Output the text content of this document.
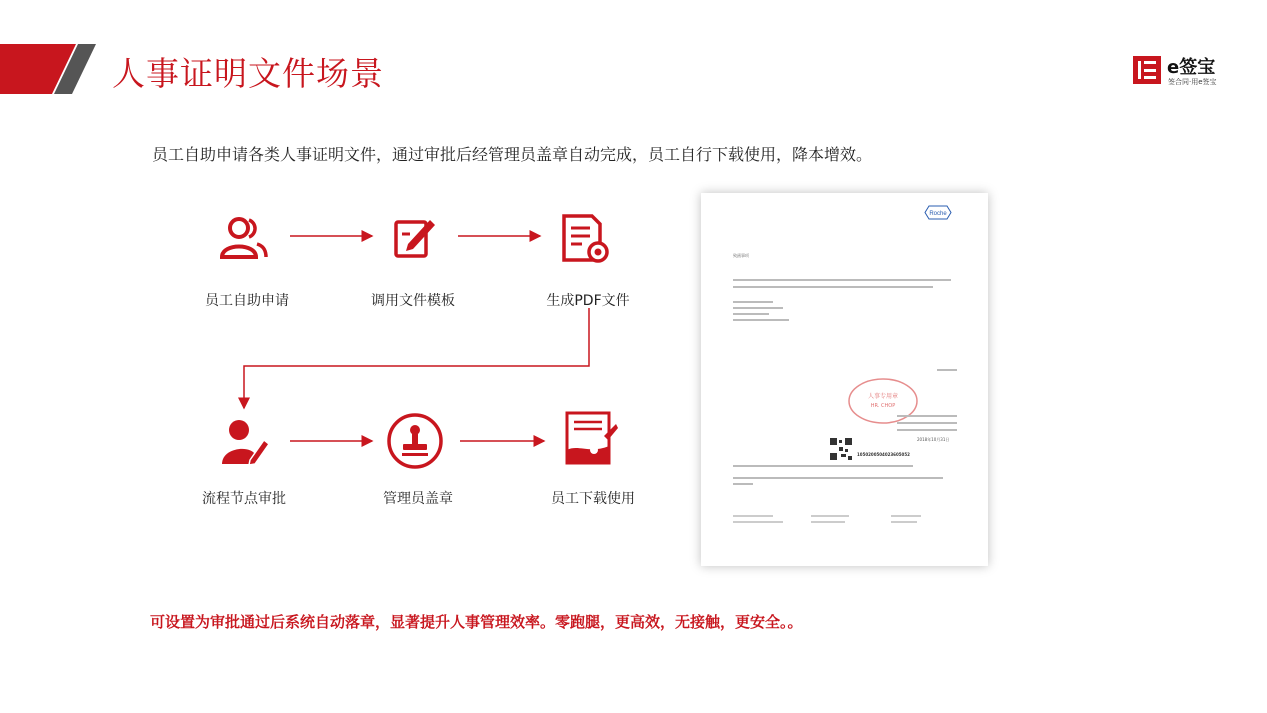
人事证明文件场景	e签宝
签合同·用e签宝
员工自助申请各类人事证明文件，通过审批后经管理员盖章自动完成，员工自行下载使用，降本增效。
员工自助申请	调用文件模板	生成PDF文件
流程节点审批	管理员盖章	员工下载使用
Roche
致函事项
人事专用章
HR. CHOP
2018年10月31日
1050200504023605052
可设置为审批通过后系统自动落章，显著提升人事管理效率。零跑腿，更高效，无接触，更安全。。
